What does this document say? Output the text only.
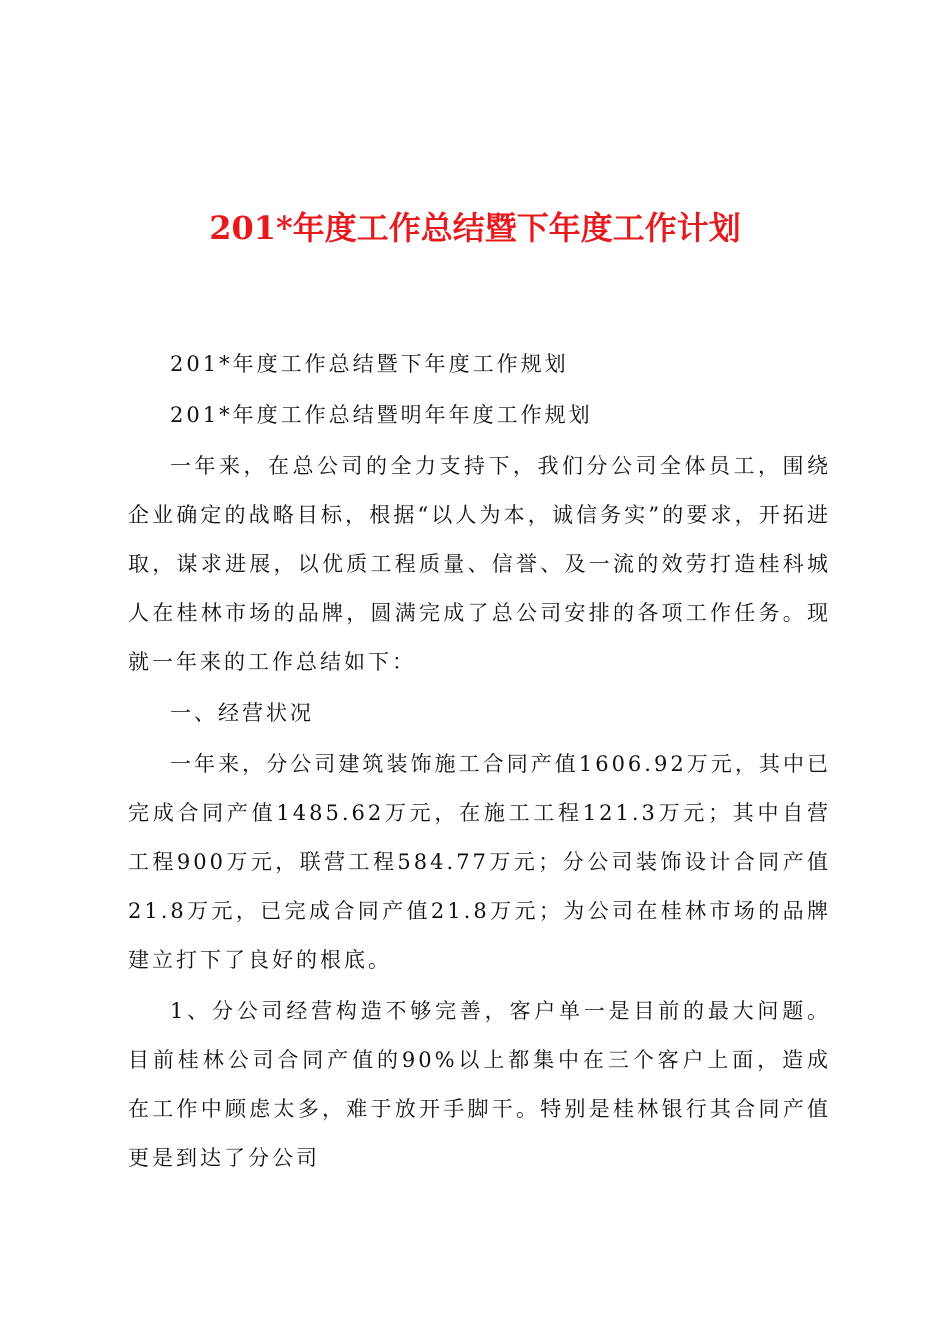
201*年度工作总结暨下年度工作计划

201*年度工作总结暨下年度工作规划

201*年度工作总结暨明年年度工作规划

一年来，在总公司的全力支持下，我们分公司全体员工，围绕企业确定的战略目标，根据“以人为本，诚信务实”的要求，开拓进取，谋求进展，以优质工程质量、信誉、及一流的效劳打造桂科城人在桂林市场的品牌，圆满完成了总公司安排的各项工作任务。现就一年来的工作总结如下：

一、经营状况

一年来，分公司建筑装饰施工合同产值1606.92万元，其中已完成合同产值1485.62万元，在施工工程121.3万元；其中自营工程900万元，联营工程584.77万元；分公司装饰设计合同产值21.8万元，已完成合同产值21.8万元；为公司在桂林市场的品牌建立打下了良好的根底。

1、分公司经营构造不够完善，客户单一是目前的最大问题。目前桂林公司合同产值的90%以上都集中在三个客户上面，造成在工作中顾虑太多，难于放开手脚干。特别是桂林银行其合同产值更是到达了分公司
